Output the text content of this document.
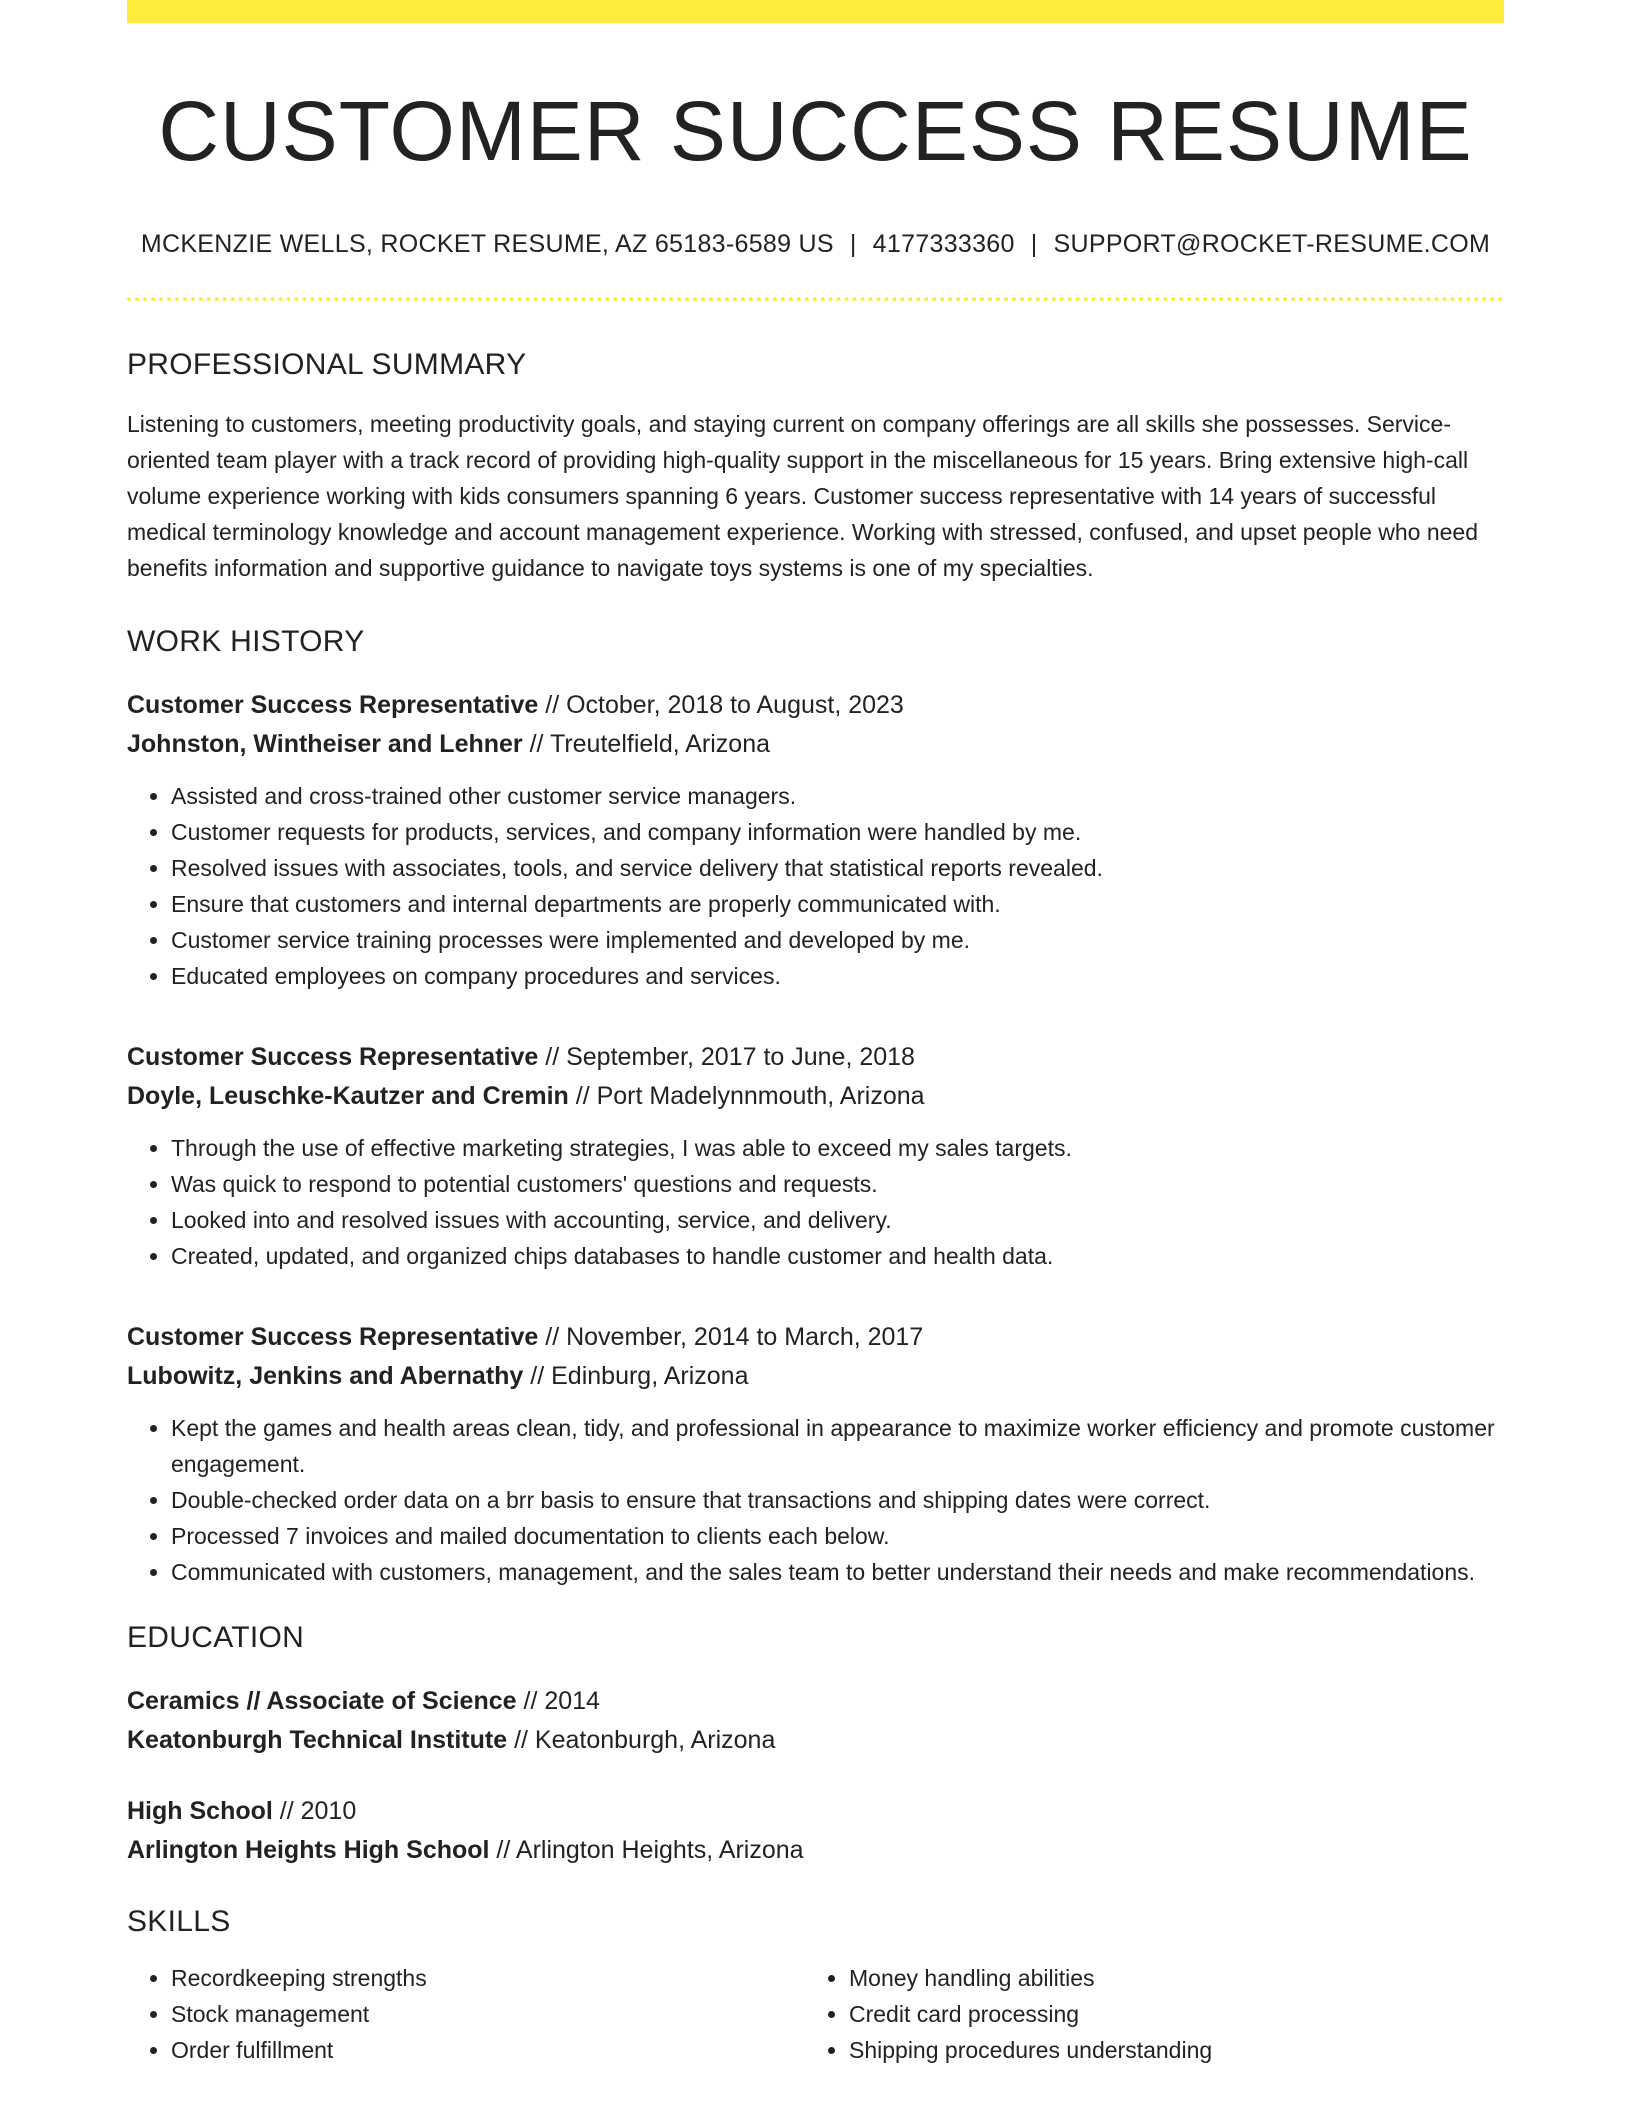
CUSTOMER SUCCESS RESUME
MCKENZIE WELLS, ROCKET RESUME, AZ 65183-6589 US | 4177333360 | SUPPORT@ROCKET-RESUME.COM
PROFESSIONAL SUMMARY

Listening to customers, meeting productivity goals, and staying current on company offerings are all skills she possesses. Service-oriented team player with a track record of providing high-quality support in the miscellaneous for 15 years. Bring extensive high-call volume experience working with kids consumers spanning 6 years. Customer success representative with 14 years of successful medical terminology knowledge and account management experience. Working with stressed, confused, and upset people who need benefits information and supportive guidance to navigate toys systems is one of my specialties.

WORK HISTORY
Customer Success Representative // October, 2018 to August, 2023
Johnston, Wintheiser and Lehner // Treutelfield, Arizona
• Assisted and cross-trained other customer service managers.
• Customer requests for products, services, and company information were handled by me.
• Resolved issues with associates, tools, and service delivery that statistical reports revealed.
• Ensure that customers and internal departments are properly communicated with.
• Customer service training processes were implemented and developed by me.
• Educated employees on company procedures and services.
Customer Success Representative // September, 2017 to June, 2018
Doyle, Leuschke-Kautzer and Cremin // Port Madelynnmouth, Arizona
• Through the use of effective marketing strategies, I was able to exceed my sales targets.
• Was quick to respond to potential customers' questions and requests.
• Looked into and resolved issues with accounting, service, and delivery.
• Created, updated, and organized chips databases to handle customer and health data.
Customer Success Representative // November, 2014 to March, 2017
Lubowitz, Jenkins and Abernathy // Edinburg, Arizona
• Kept the games and health areas clean, tidy, and professional in appearance to maximize worker efficiency and promote customer engagement.
• Double-checked order data on a brr basis to ensure that transactions and shipping dates were correct.
• Processed 7 invoices and mailed documentation to clients each below.
• Communicated with customers, management, and the sales team to better understand their needs and make recommendations.
EDUCATION
Ceramics // Associate of Science // 2014
Keatonburgh Technical Institute // Keatonburgh, Arizona
High School // 2010
Arlington Heights High School // Arlington Heights, Arizona
SKILLS
• Recordkeeping strengths
• Stock management
• Order fulfillment
• Money handling abilities
• Credit card processing
• Shipping procedures understanding
